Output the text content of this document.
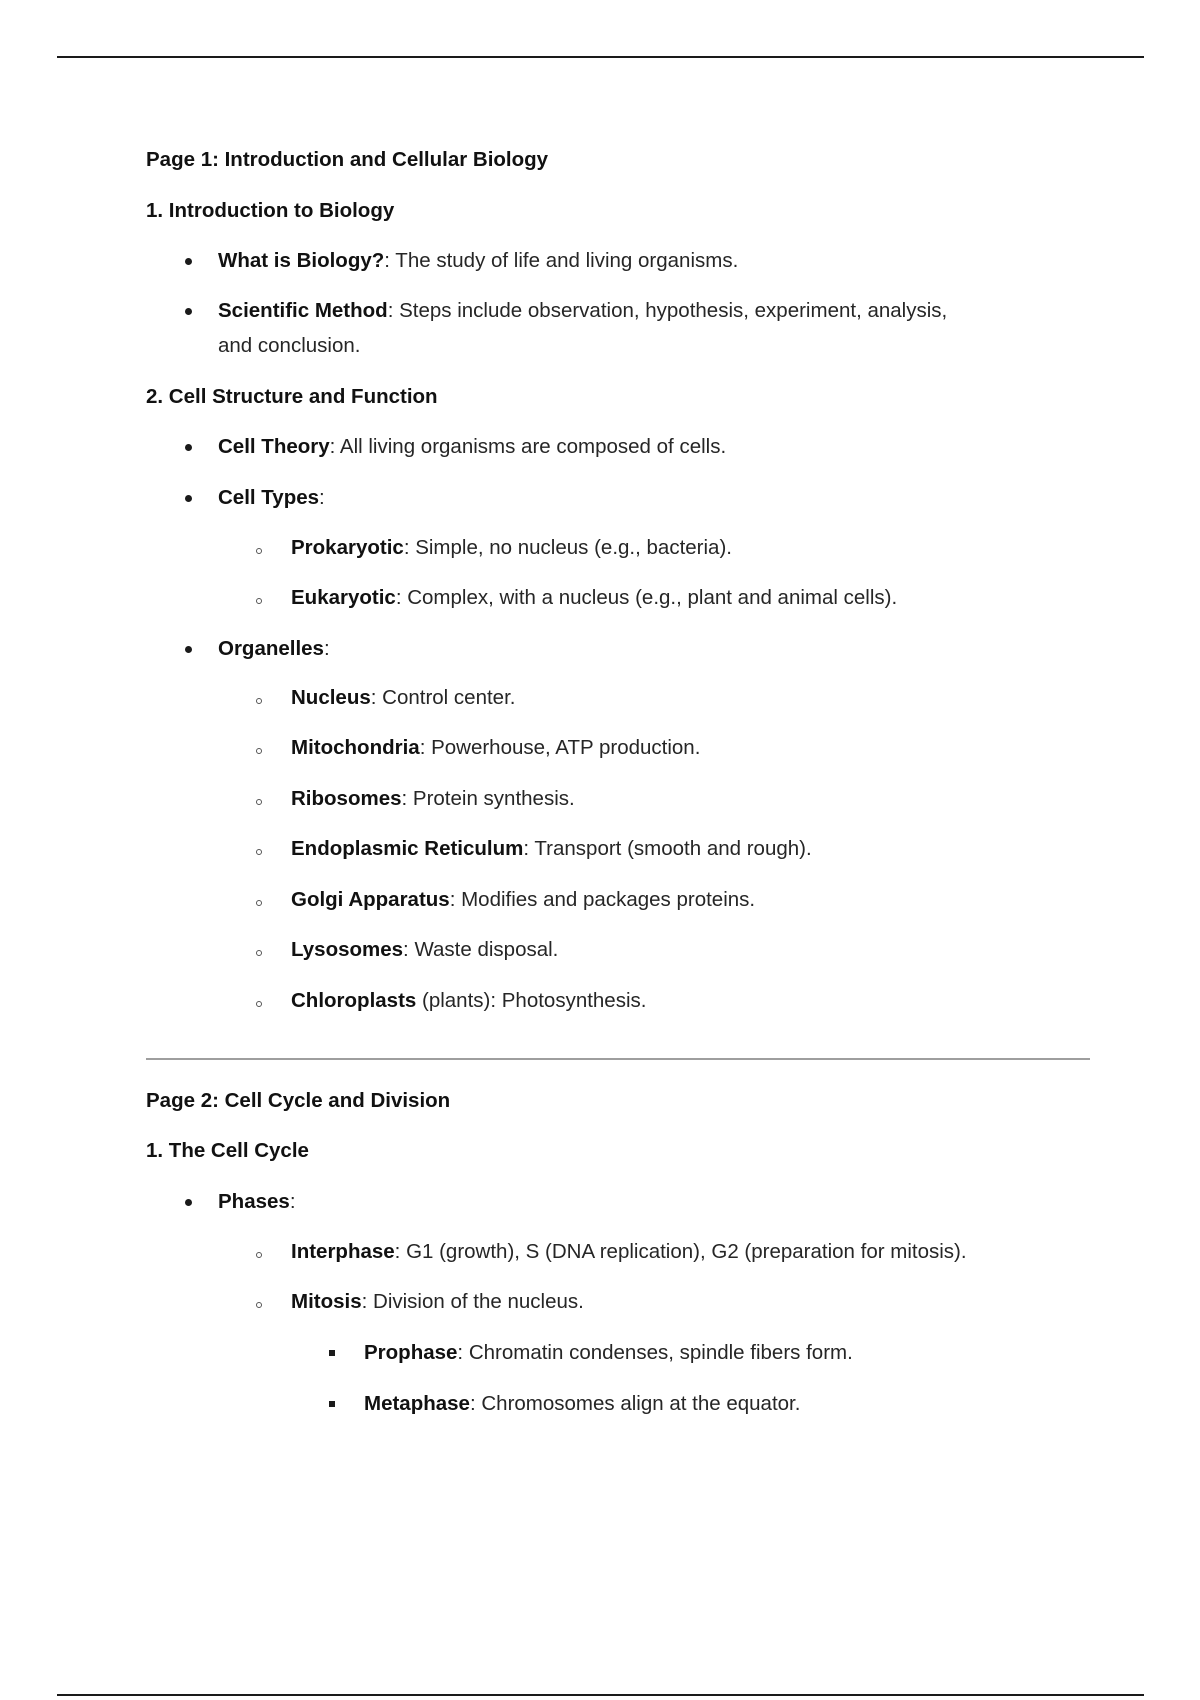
Page 1: Introduction and Cellular Biology
1. Introduction to Biology
What is Biology?: The study of life and living organisms.
Scientific Method: Steps include observation, hypothesis, experiment, analysis,
and conclusion.
2. Cell Structure and Function
Cell Theory: All living organisms are composed of cells.
Cell Types:
Prokaryotic: Simple, no nucleus (e.g., bacteria).
Eukaryotic: Complex, with a nucleus (e.g., plant and animal cells).
Organelles:
Nucleus: Control center.
Mitochondria: Powerhouse, ATP production.
Ribosomes: Protein synthesis.
Endoplasmic Reticulum: Transport (smooth and rough).
Golgi Apparatus: Modifies and packages proteins.
Lysosomes: Waste disposal.
Chloroplasts (plants): Photosynthesis.
Page 2: Cell Cycle and Division
1. The Cell Cycle
Phases:
Interphase: G1 (growth), S (DNA replication), G2 (preparation for mitosis).
Mitosis: Division of the nucleus.
Prophase: Chromatin condenses, spindle fibers form.
Metaphase: Chromosomes align at the equator.
